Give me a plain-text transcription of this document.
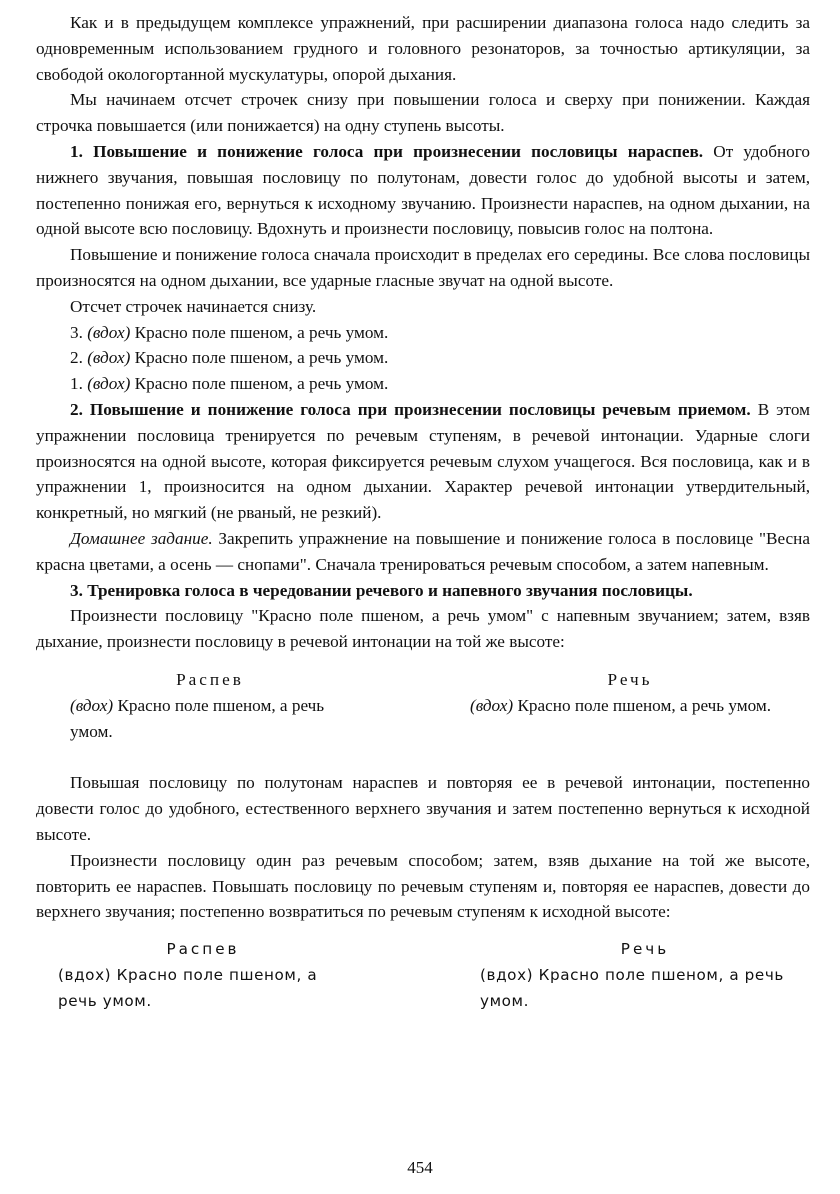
Как и в предыдущем комплексе упражнений, при расширении диапазона голоса надо следить за одновременным использованием грудного и головного резонаторов, за точностью артикуляции, за свободой окологортанной мускулатуры, опорой дыхания.

Мы начинаем отсчет строчек снизу при повышении голоса и сверху при понижении. Каждая строчка повышается (или понижается) на одну ступень высоты.

1. Повышение и понижение голоса при произнесении пословицы нараспев. От удобного нижнего звучания, повышая пословицу по полутонам, довести голос до удобной высоты и затем, постепенно понижая его, вернуться к исходному звучанию. Произнести нараспев, на одном дыхании, на одной высоте всю пословицу. Вдохнуть и произнести пословицу, повысив голос на полтона.

Повышение и понижение голоса сначала происходит в пределах его середины. Все слова пословицы произносятся на одном дыхании, все ударные гласные звучат на одной высоте.

Отсчет строчек начинается снизу.

3. (вдох) Красно поле пшеном, а речь умом.

2. (вдох) Красно поле пшеном, а речь умом.

1. (вдох) Красно поле пшеном, а речь умом.

2. Повышение и понижение голоса при произнесении пословицы речевым приемом. В этом упражнении пословица тренируется по речевым ступеням, в речевой интонации. Ударные слоги произносятся на одной высоте, которая фиксируется речевым слухом учащегося. Вся пословица, как и в упражнении 1, произносится на одном дыхании. Характер речевой интонации утвердительный, конкретный, но мягкий (не рваный, не резкий).

Домашнее задание. Закрепить упражнение на повышение и понижение голоса в пословице "Весна красна цветами, а осень — снопами". Сначала тренироваться речевым способом, а затем напевным.

3. Тренировка голоса в чередовании речевого и напевного звучания пословицы.

Произнести пословицу "Красно поле пшеном, а речь умом" с напевным звучанием; затем, взяв дыхание, произнести пословицу в речевой интонации на той же высоте:

Распев
(вдох) Красно поле пшеном, а речь умом.
Речь
(вдох) Красно поле пшеном, а речь умом.

Повышая пословицу по полутонам нараспев и повторяя ее в речевой интонации, постепенно довести голос до удобного, естественного верхнего звучания и затем постепенно вернуться к исходной высоте.

Произнести пословицу один раз речевым способом; затем, взяв дыхание на той же высоте, повторить ее нараспев. Повышать пословицу по речевым ступеням и, повторяя ее нараспев, довести до верхнего звучания; постепенно возвратиться по речевым ступеням к исходной высоте:

Распев
(вдох) Красно поле пшеном, а речь умом.
Речь
(вдох) Красно поле пшеном, а речь умом.
454
